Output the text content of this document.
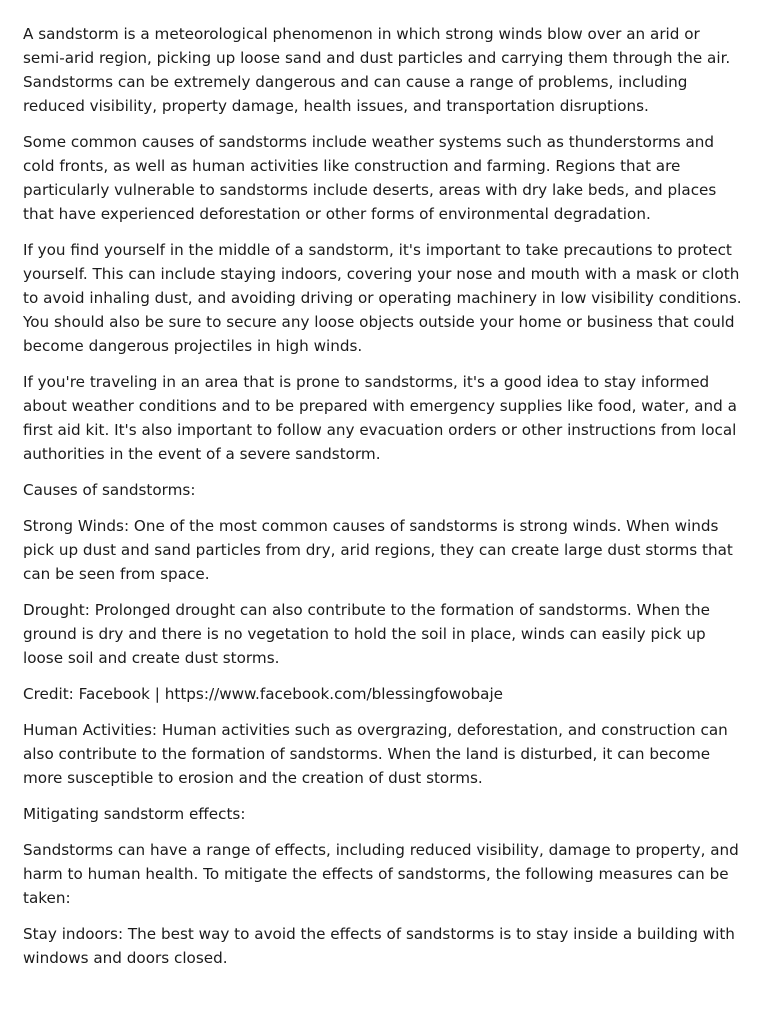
A sandstorm is a meteorological phenomenon in which strong winds blow over an arid or semi-arid region, picking up loose sand and dust particles and carrying them through the air. Sandstorms can be extremely dangerous and can cause a range of problems, including reduced visibility, property damage, health issues, and transportation disruptions.

Some common causes of sandstorms include weather systems such as thunderstorms and cold fronts, as well as human activities like construction and farming. Regions that are particularly vulnerable to sandstorms include deserts, areas with dry lake beds, and places that have experienced deforestation or other forms of environmental degradation.

If you find yourself in the middle of a sandstorm, it's important to take precautions to protect yourself. This can include staying indoors, covering your nose and mouth with a mask or cloth to avoid inhaling dust, and avoiding driving or operating machinery in low visibility conditions. You should also be sure to secure any loose objects outside your home or business that could become dangerous projectiles in high winds.

If you're traveling in an area that is prone to sandstorms, it's a good idea to stay informed about weather conditions and to be prepared with emergency supplies like food, water, and a first aid kit. It's also important to follow any evacuation orders or other instructions from local authorities in the event of a severe sandstorm.

Causes of sandstorms:

Strong Winds: One of the most common causes of sandstorms is strong winds. When winds pick up dust and sand particles from dry, arid regions, they can create large dust storms that can be seen from space.

Drought: Prolonged drought can also contribute to the formation of sandstorms. When the ground is dry and there is no vegetation to hold the soil in place, winds can easily pick up loose soil and create dust storms.

Credit: Facebook | https://www.facebook.com/blessingfowobaje

Human Activities: Human activities such as overgrazing, deforestation, and construction can also contribute to the formation of sandstorms. When the land is disturbed, it can become more susceptible to erosion and the creation of dust storms.

Mitigating sandstorm effects:

Sandstorms can have a range of effects, including reduced visibility, damage to property, and harm to human health. To mitigate the effects of sandstorms, the following measures can be taken:

Stay indoors: The best way to avoid the effects of sandstorms is to stay inside a building with windows and doors closed.
